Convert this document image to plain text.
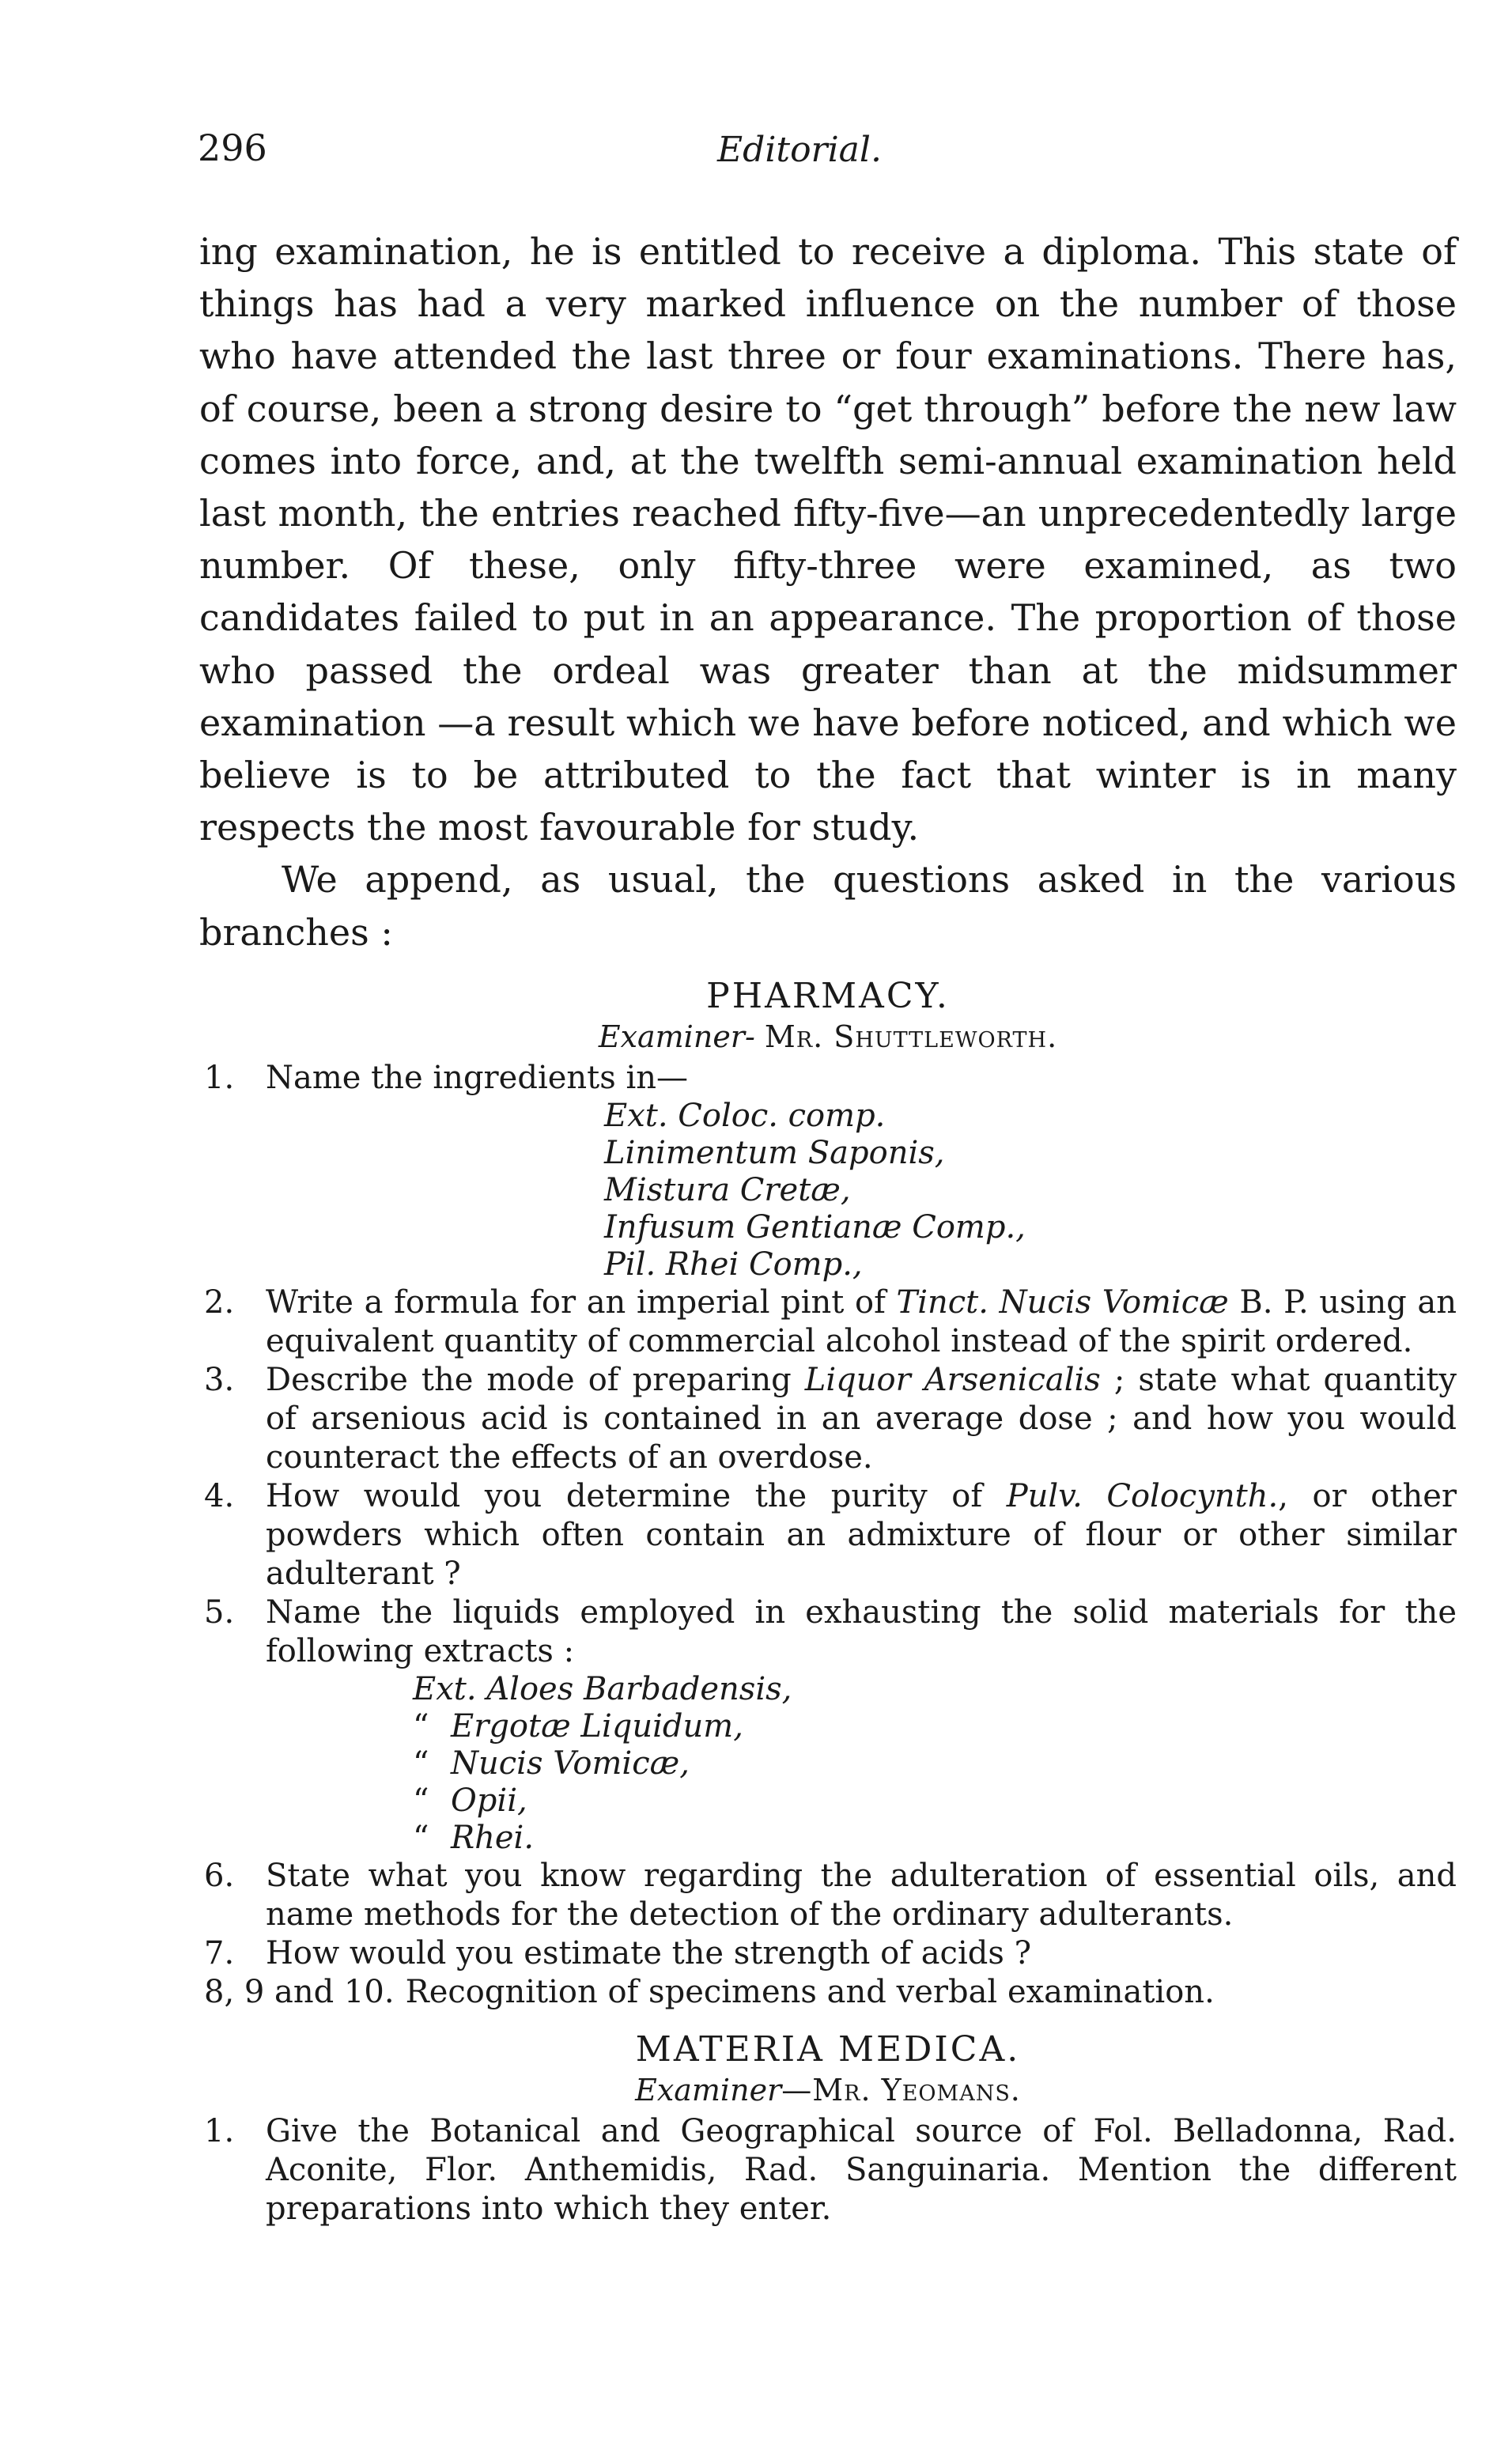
296	Editorial.

ing examination, he is entitled to receive a diploma. This state of things has had a very marked influence on the number of those who have attended the last three or four examinations. There has, of course, been a strong desire to “get through” before the new law comes into force, and, at the twelfth semi-annual examination held last month, the entries reached fifty-five—an unprecedentedly large number. Of these, only fifty-three were examined, as two candidates failed to put in an appearance. The proportion of those who passed the ordeal was greater than at the midsummer examination —a result which we have before noticed, and which we believe is to be attributed to the fact that winter is in many respects the most favourable for study.

We append, as usual, the questions asked in the various branches :

PHARMACY.
Examiner- Mr. Shuttleworth.
1. Name the ingredients in—
Ext. Coloc. comp.
Linimentum Saponis,
Mistura Cretæ,
Infusum Gentianæ Comp.,
Pil. Rhei Comp.,
2. Write a formula for an imperial pint of Tinct. Nucis Vomicæ B. P. using an equivalent quantity of commercial alcohol instead of the spirit ordered.
3. Describe the mode of preparing Liquor Arsenicalis ; state what quantity of arsenious acid is contained in an average dose ; and how you would counteract the effects of an overdose.
4. How would you determine the purity of Pulv. Colocynth., or other powders which often contain an admixture of flour or other similar adulterant ?
5. Name the liquids employed in exhausting the solid materials for the following extracts :
Ext. Aloes Barbadensis,
“ Ergotæ Liquidum,
“ Nucis Vomicæ,
“ Opii,
“ Rhei.
6. State what you know regarding the adulteration of essential oils, and name methods for the detection of the ordinary adulterants.
7. How would you estimate the strength of acids ?
8, 9 and 10. Recognition of specimens and verbal examination.
MATERIA MEDICA.
Examiner—Mr. Yeomans.
1. Give the Botanical and Geographical source of Fol. Belladonna, Rad. Aconite, Flor. Anthemidis, Rad. Sanguinaria. Mention the different preparations into which they enter.
